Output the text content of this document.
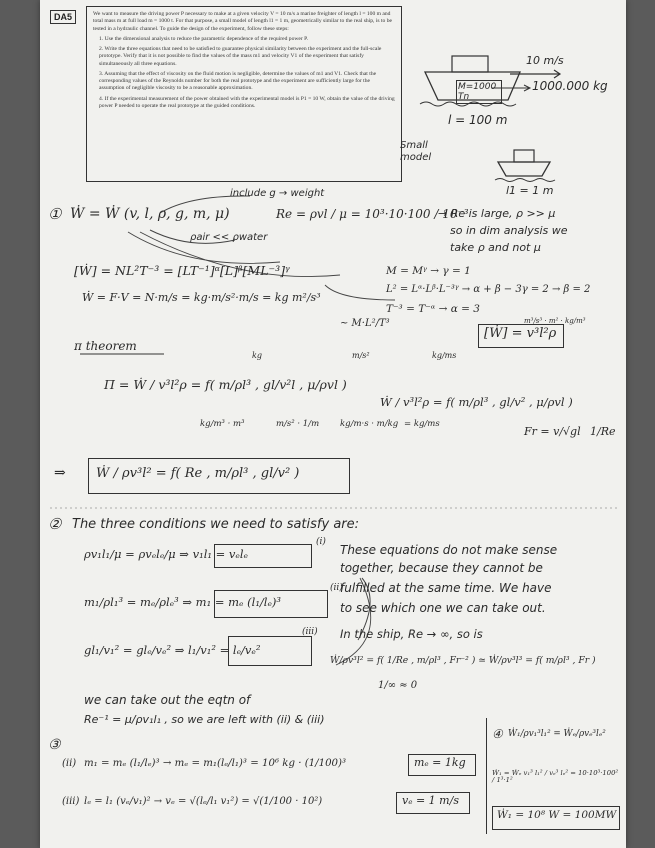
DA5	We want to measure the driving power P necessary to make at a given velocity V = 10 m/s a marine freighter of length l = 100 m and total mass m at full load m = 1000 t. For that purpose, a small model of length l1 = 1 m, geometrically similar to the real ship, is to be tested in a hydraulic channel. To guide the design of the experiment, follow these steps:

1. Use the dimensional analysis to reduce the parametric dependence of the required power P.
2. Write the three equations that need to be satisfied to guarantee physical similarity between the experiment and the full-scale prototype. Verify that it is not possible to find the values of the mass m1 and velocity V1 of the experiment that satisfy simultaneously all three equations.
3. Assuming that the effect of viscosity on the fluid motion is negligible, determine the values of m1 and V1. Check that the corresponding values of the Reynolds number for both the real prototype and the experiment are sufficiently large for the assumption of negligible viscosity to be a reasonable approximation.
4. If the experimental measurement of the power obtained with the experimental model is P1 = 10 W, obtain the value of the driving power P needed to operate the real prototype at the guided conditions.
10 m/s
M=1000 Tn
1000.000 kg
l = 100 m
Small model
l1 = 1 m
① Ẇ = Ẇ (v, l, ρ, g, m, μ)
include g → weight
ρair << ρwater
Re = ρvl / μ = 10³·10·100 / 10⁻³
→ Re is large, ρ >> μ
so in dim analysis we
take ρ and not μ
[Ẇ] = NL²T⁻³ = [LT⁻¹]ᵅ[L]ᵝ[ML⁻³]ᵞ
Ẇ = F·V = N·m/s = kg·m/s²·m/s = kg m²/s³
~ M·L²/T³
M = Mᵞ → γ = 1
L² = Lᵅ·Lᵝ·L⁻³ᵞ → α + β − 3γ = 2 → β = 2
T⁻³ = T⁻ᵅ → α = 3
[Ẇ] = v³l²ρ
m³/s³ · m² · kg/m³
π theorem
kg	m/s²	kg/ms
Π = Ẇ / v³l²ρ = f( m/ρl³ , gl/v²l , μ/ρvl )
Ẇ / v³l²ρ = f( m/ρl³ , gl/v² , μ/ρvl )
kg/m³ · m³	m/s² · 1/m kg/m·s · m/kg = kg/ms
Fr = v/√gl 1/Re
⇒ Ẇ / ρv³l² = f( Re , m/ρl³ , gl/v² )
② The three conditions we need to satisfy are:
ρv₁l₁/μ = ρvₑlₑ/μ ⇒ v₁l₁ = vₑlₑ
(i)
m₁/ρl₁³ = mₑ/ρlₑ³ ⇒ m₁ = mₑ (l₁/lₑ)³
(ii)
gl₁/v₁² = glₑ/vₑ² ⇒ l₁/v₁² = lₑ/vₑ²
(iii)
These equations do not make sense
together, because they cannot be
fulfilled at the same time. We have
to see which one we can take out.
In the ship, Re → ∞, so is
Ẇ/ρv³l² = f( 1/Re , m/ρl³ , Fr⁻² ) ≃ Ẇ/ρv³l³ = f( m/ρl³ , Fr )
1/∞ ≈ 0
we can take out the eqtn of
Re⁻¹ = μ/ρv₁l₁ , so we are left with (ii) & (iii)
③
(ii) m₁ = mₑ (l₁/lₑ)³ → mₑ = m₁(lₑ/l₁)³ = 10⁶ kg · (1/100)³	mₑ = 1kg
(iii) lₑ = l₁ (vₑ/v₁)² → vₑ = √(lₑ/l₁ v₁²) = √(1/100 · 10²)	vₑ = 1 m/s
④ Ẇ₁/ρv₁³l₁² = Ẇₑ/ρvₑ³lₑ²
Ẇ₁ = Ẇₑ v₁³ l₁² / vₑ³ lₑ² = 10·10³·100² / 1³·1²
Ẇ₁ = 10⁸ W = 100MW
